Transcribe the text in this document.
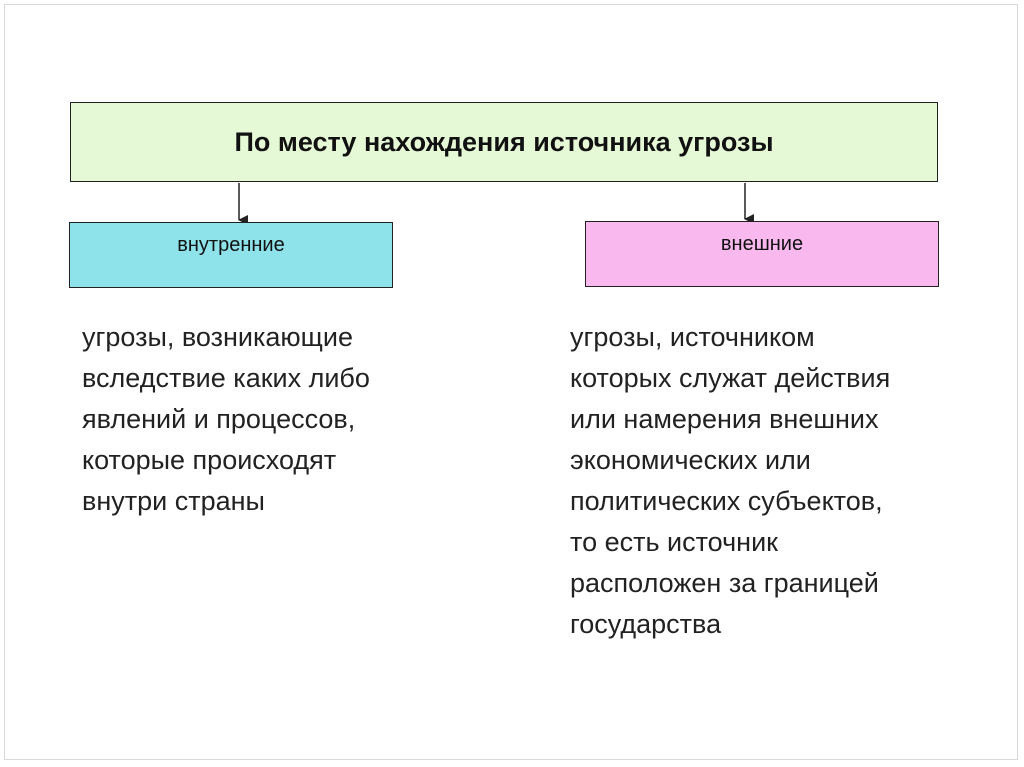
По месту нахождения источника угрозы
внутренние	внешние
угрозы, возникающие
вследствие каких либо
явлений и процессов,
которые происходят
внутри страны
угрозы, источником
которых служат действия
или намерения внешних
экономических или
политических субъектов,
то есть источник
расположен за границей
государства
